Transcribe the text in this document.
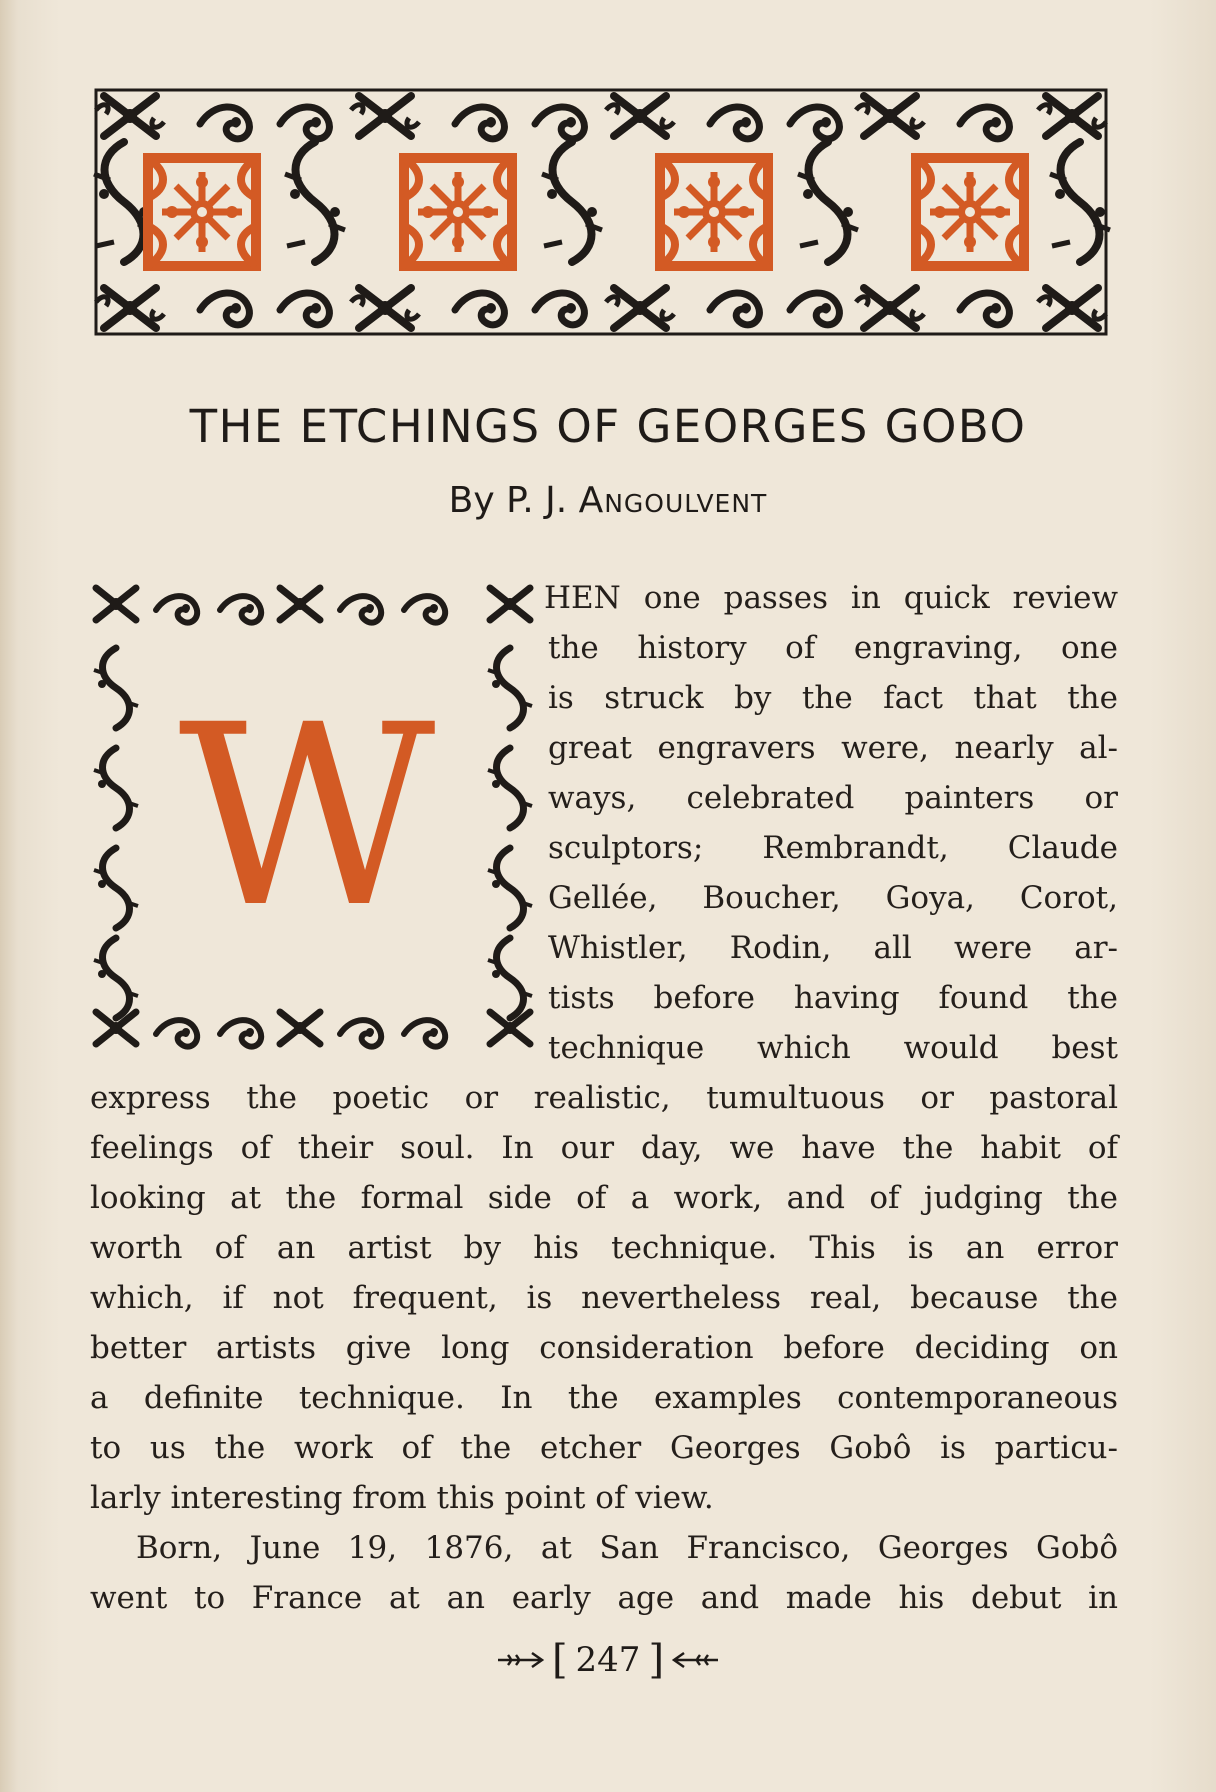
THE ETCHINGS OF GEORGES GOBO

By P. J. Angoulvent

W
HEN one passes in quick review
the history of engraving, one
is struck by the fact that the
great engravers were, nearly al-
ways, celebrated painters or
sculptors; Rembrandt, Claude
Gellée, Boucher, Goya, Corot,
Whistler, Rodin, all were ar-
tists before having found the
technique which would best
express the poetic or realistic, tumultuous or pastoral
feelings of their soul. In our day, we have the habit of
looking at the formal side of a work, and of judging the
worth of an artist by his technique. This is an error
which, if not frequent, is nevertheless real, because the
better artists give long consideration before deciding on
a definite technique. In the examples contemporaneous
to us the work of the etcher Georges Gobô is particu-
larly interesting from this point of view.
Born, June 19, 1876, at San Francisco, Georges Gobô
went to France at an early age and made his debut in
[ 247 ]
